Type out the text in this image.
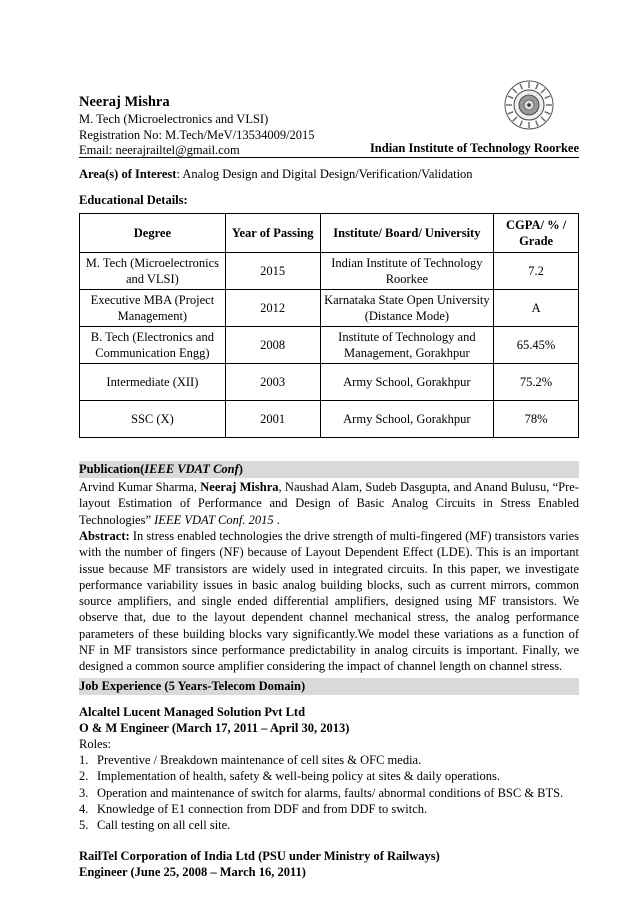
Neeraj Mishra
M. Tech (Microelectronics and VLSI)
Registration No: M.Tech/MeV/13534009/2015
Email: neerajrailtel@gmail.com	Indian Institute of Technology Roorkee
Area(s) of Interest: Analog Design and Digital Design/Verification/Validation
Educational Details:
Degree	Year of Passing	Institute/ Board/ University	CGPA/ % / Grade
M. Tech (Microelectronics and VLSI)	2015	Indian Institute of Technology Roorkee	7.2
Executive MBA (Project Management)	2012	Karnataka State Open University (Distance Mode)	A
B. Tech (Electronics and Communication Engg)	2008	Institute of Technology and Management, Gorakhpur	65.45%
Intermediate (XII)	2003	Army School, Gorakhpur	75.2%
SSC (X)	2001	Army School, Gorakhpur	78%
Publication(IEEE VDAT Conf)
Arvind Kumar Sharma, Neeraj Mishra, Naushad Alam, Sudeb Dasgupta, and Anand Bulusu, “Pre-layout Estimation of Performance and Design of Basic Analog Circuits in Stress Enabled Technologies” IEEE VDAT Conf. 2015 .
Abstract: In stress enabled technologies the drive strength of multi-fingered (MF) transistors varies with the number of fingers (NF) because of Layout Dependent Effect (LDE). This is an important issue because MF transistors are widely used in integrated circuits. In this paper, we investigate performance variability issues in basic analog building blocks, such as current mirrors, common source amplifiers, and single ended differential amplifiers, designed using MF transistors. We observe that, due to the layout dependent channel mechanical stress, the analog performance parameters of these building blocks vary significantly.We model these variations as a function of NF in MF transistors since performance predictability in analog circuits is important. Finally, we designed a common source amplifier considering the impact of channel length on channel stress.
Job Experience (5 Years-Telecom Domain)
Alcaltel Lucent Managed Solution Pvt Ltd
O & M Engineer (March 17, 2011 – April 30, 2013)
Roles:
1. Preventive / Breakdown maintenance of cell sites & OFC media.
2. Implementation of health, safety & well-being policy at sites & daily operations.
3. Operation and maintenance of switch for alarms, faults/ abnormal conditions of BSC & BTS.
4. Knowledge of E1 connection from DDF and from DDF to switch.
5. Call testing on all cell site.
RailTel Corporation of India Ltd (PSU under Ministry of Railways)
Engineer (June 25, 2008 – March 16, 2011)
